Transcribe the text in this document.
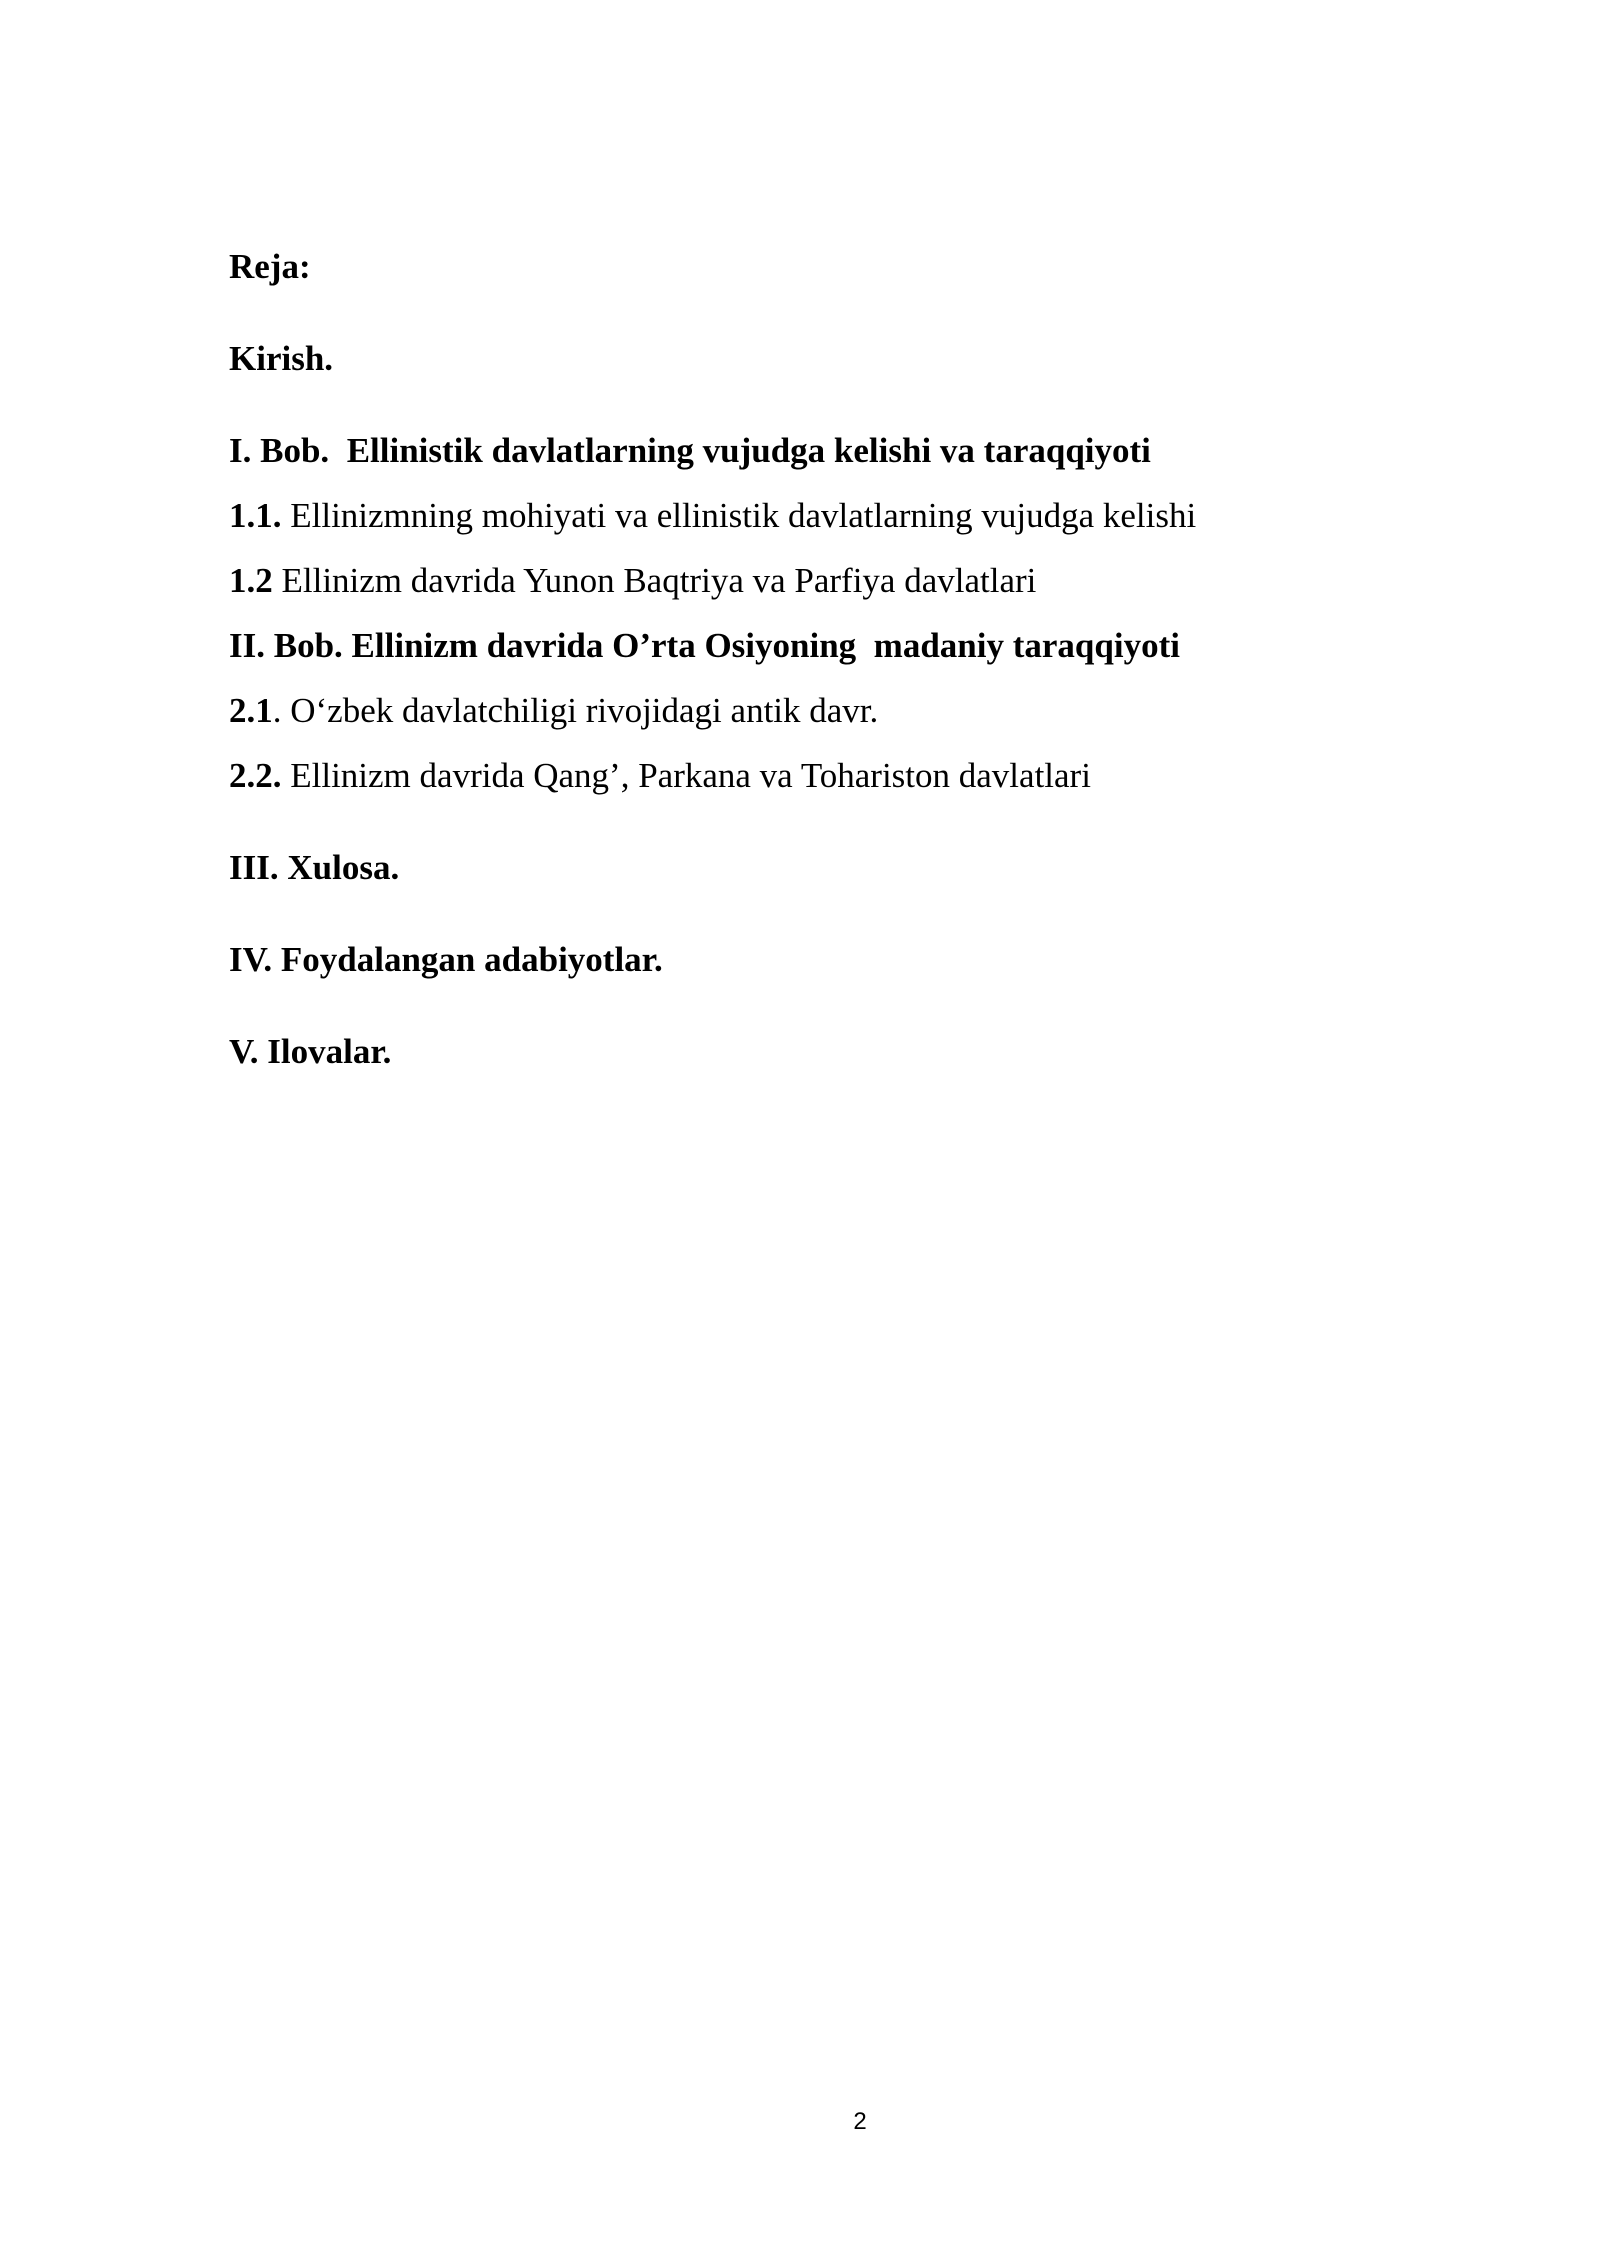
Reja:
Kirish.
I. Bob. Ellinistik davlatlarning vujudga kelishi va taraqqiyoti
1.1. Ellinizmning mohiyati va ellinistik davlatlarning vujudga kelishi
1.2 Ellinizm davrida Yunon Baqtriya va Parfiya davlatlari
II. Bob. Ellinizm davrida O’rta Osiyoning  madaniy taraqqiyoti
2.1. O‘zbek davlatchiligi rivojidagi antik davr.
2.2. Ellinizm davrida Qang’, Parkana va Tohariston davlatlari
III. Xulosa.
IV. Foydalangan adabiyotlar.
V. Ilovalar.
2
